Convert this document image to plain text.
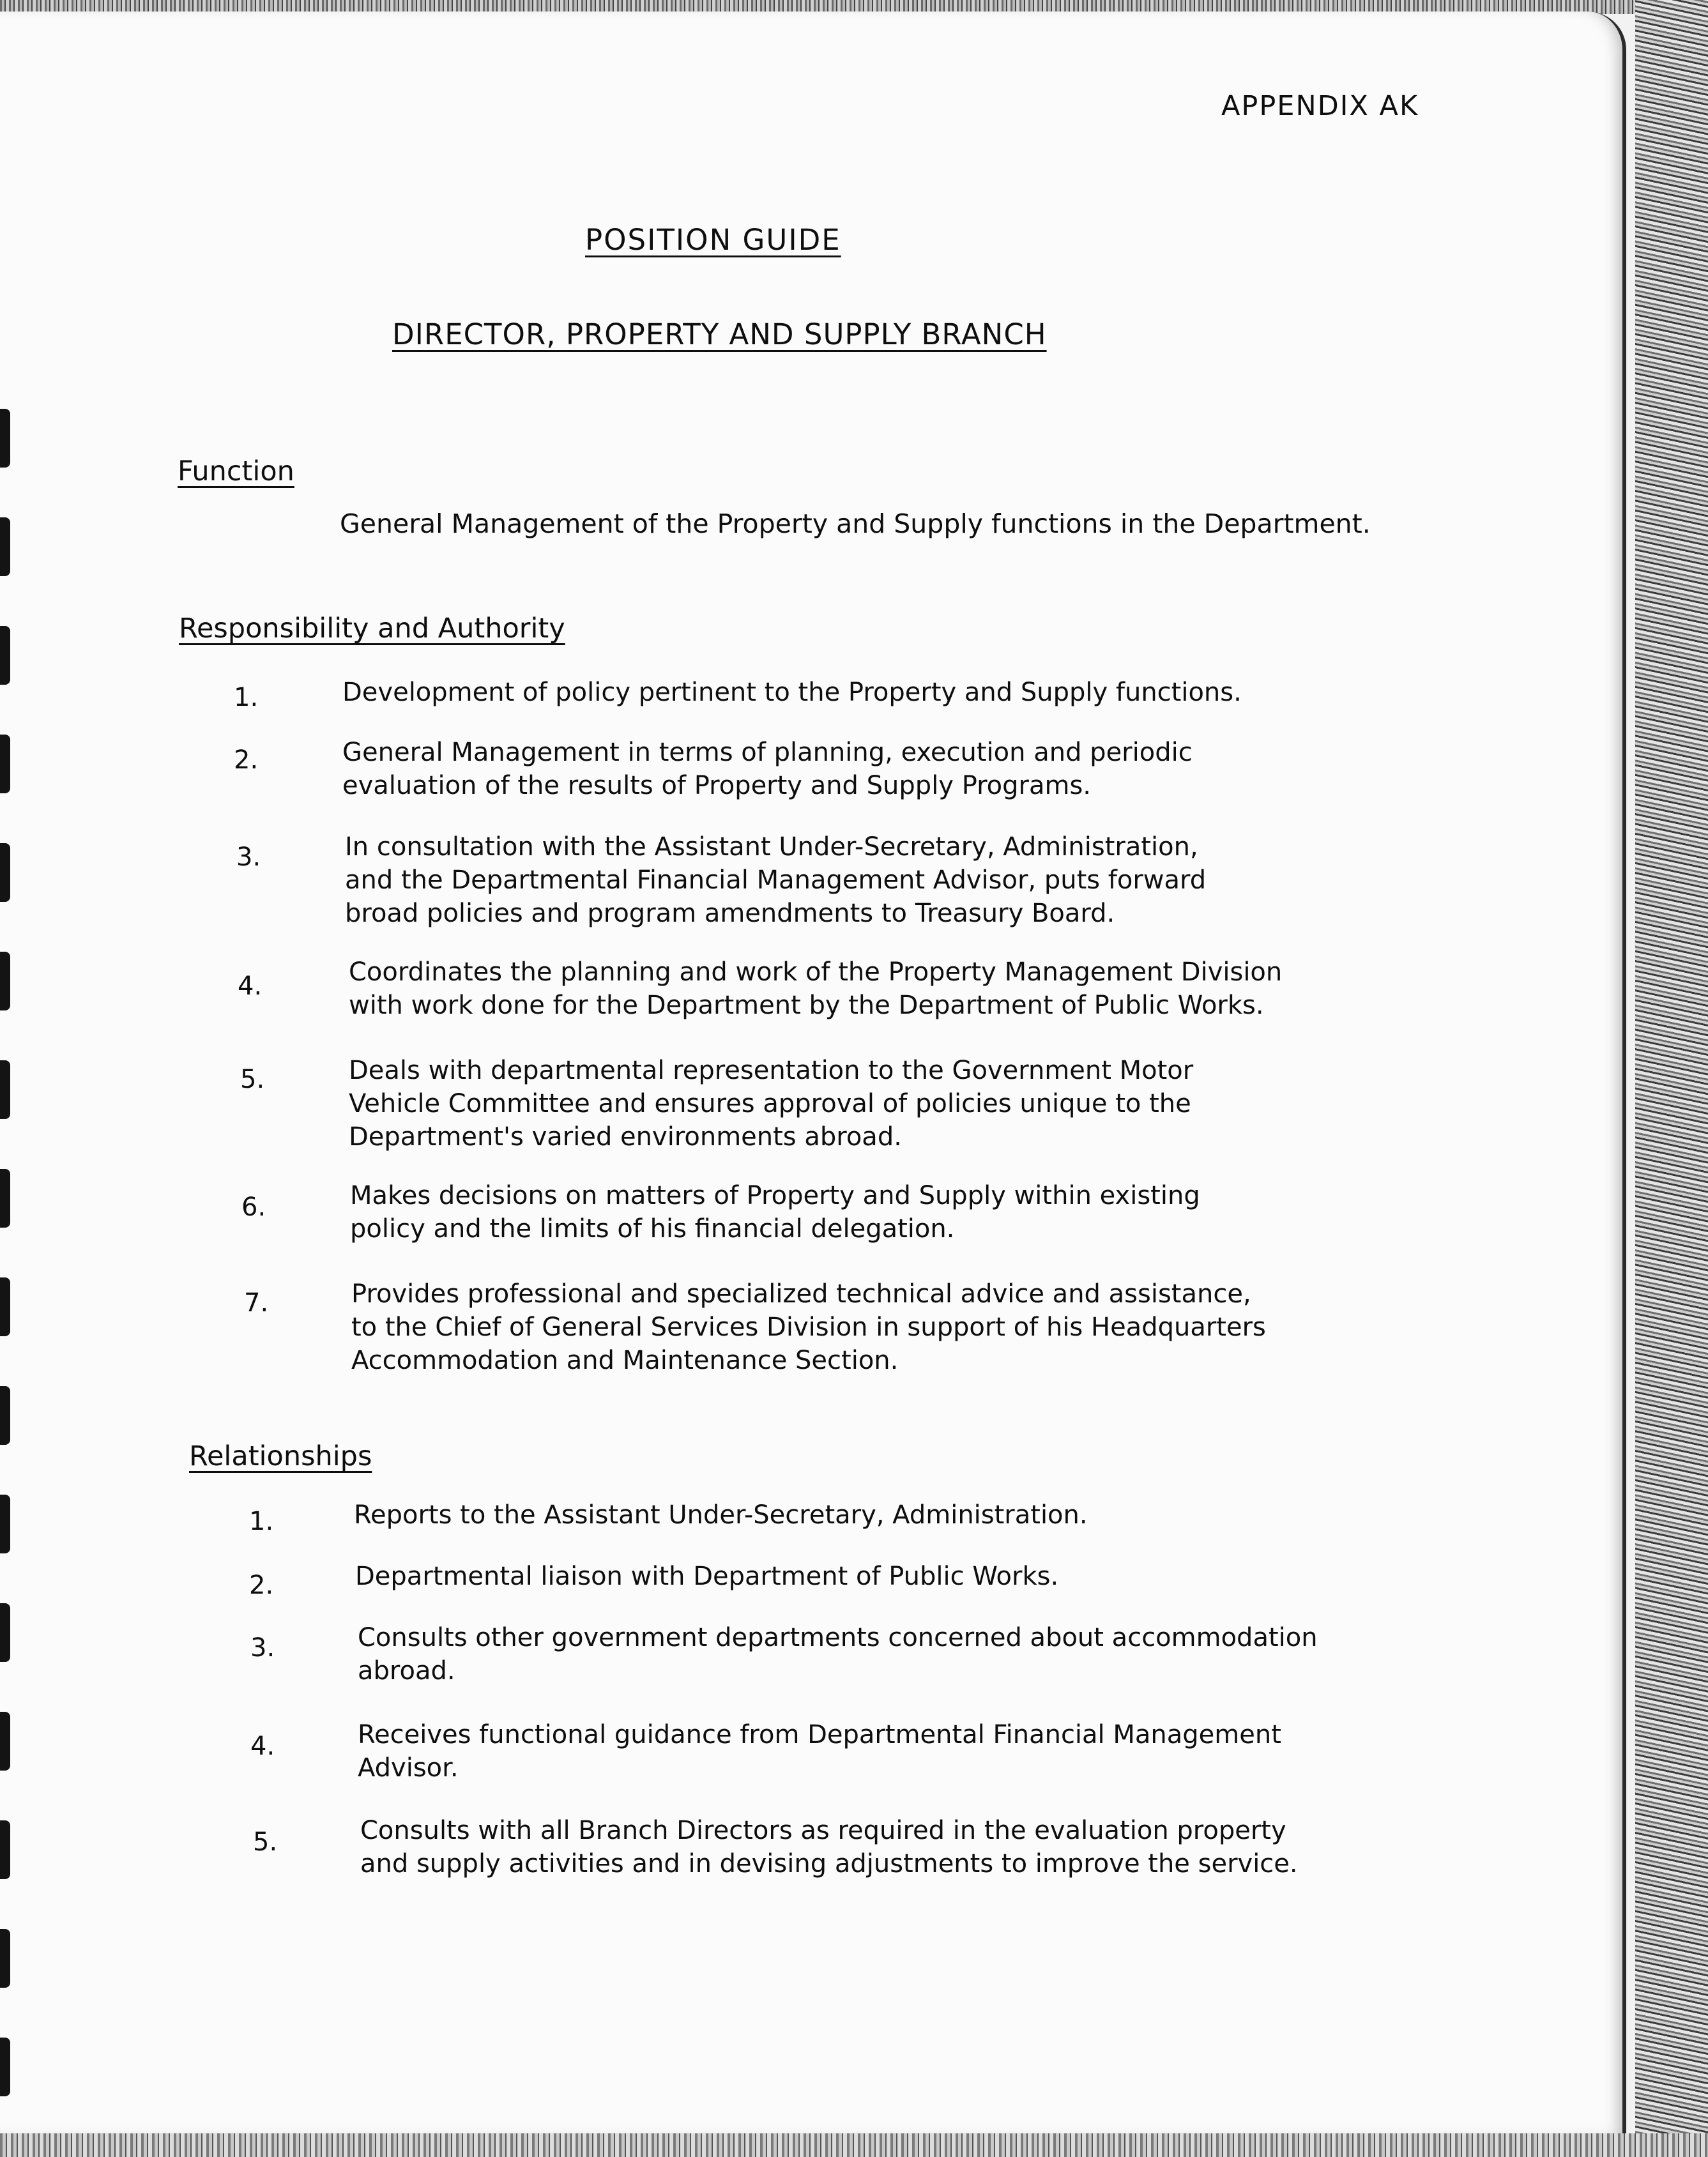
APPENDIX AK
POSITION GUIDE
DIRECTOR, PROPERTY AND SUPPLY BRANCH
Function
General Management of the Property and Supply functions in the Department.
Responsibility and Authority
1.	Development of policy pertinent to the Property and Supply functions.
2.	General Management in terms of planning, execution and periodic
evaluation of the results of Property and Supply Programs.
3.	In consultation with the Assistant Under-Secretary, Administration,
and the Departmental Financial Management Advisor, puts forward
broad policies and program amendments to Treasury Board.
4.	Coordinates the planning and work of the Property Management Division
with work done for the Department by the Department of Public Works.
5.	Deals with departmental representation to the Government Motor
Vehicle Committee and ensures approval of policies unique to the
Department's varied environments abroad.
6.	Makes decisions on matters of Property and Supply within existing
policy and the limits of his financial delegation.
7.	Provides professional and specialized technical advice and assistance,
to the Chief of General Services Division in support of his Headquarters
Accommodation and Maintenance Section.
Relationships
1.	Reports to the Assistant Under-Secretary, Administration.
2.	Departmental liaison with Department of Public Works.
3.	Consults other government departments concerned about accommodation
abroad.
4.	Receives functional guidance from Departmental Financial Management
Advisor.
5.	Consults with all Branch Directors as required in the evaluation property
and supply activities and in devising adjustments to improve the service.
